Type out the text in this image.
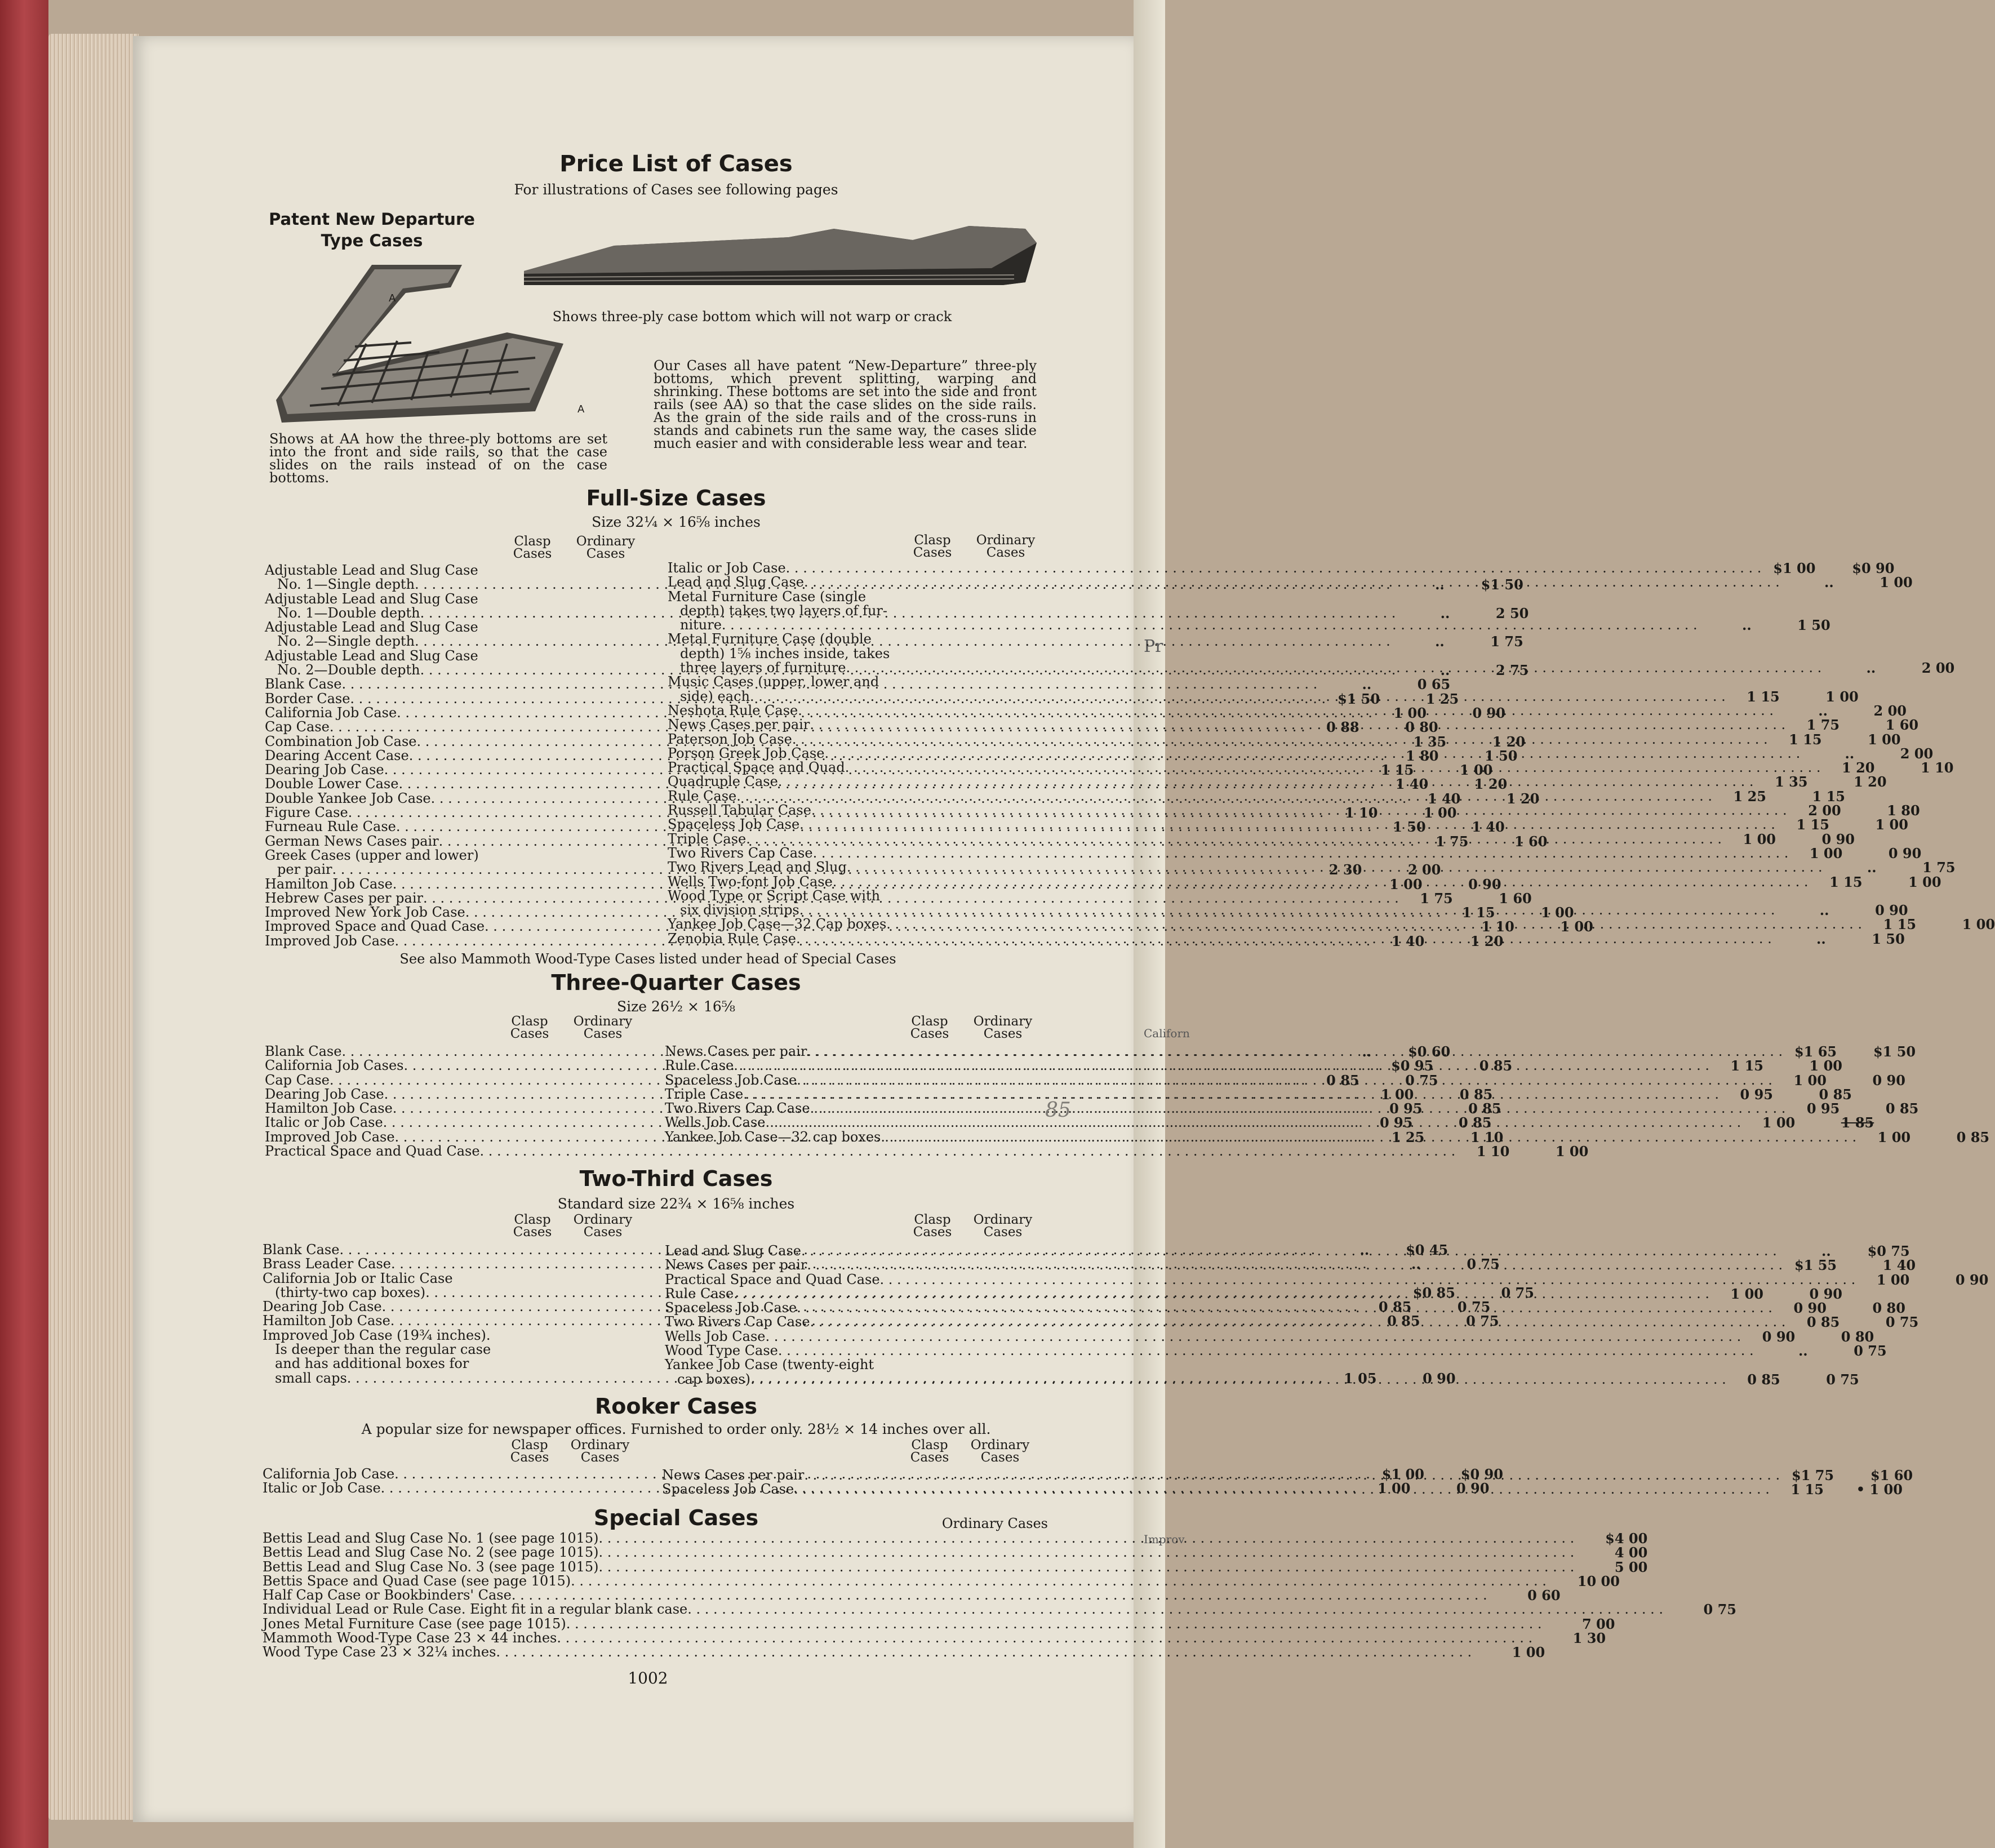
Pr
Californ
Improv
Price List of Cases
For illustrations of Cases see following pages
Patent New Departure Type Cases
Shows three-ply case bottom which will not warp or crack
A
A
Shows at AA how the three-ply bottoms are set into the front and side rails, so that the case slides on the rails instead of on the case bottoms.
Our Cases all have patent “New-Departure” three-ply bottoms, which prevent splitting, warping and shrinking. These bottoms are set into the side and front rails (see AA) so that the case slides on the side rails. As the grain of the side rails and of the cross-runs in stands and cabinets run the same way, the cases slide much easier and with considerable less wear and tear.
Full-Size Cases
Size 32¼ × 16⅝ inches
Clasp Cases
Ordinary Cases
Clasp Cases
Ordinary Cases
Adjustable Lead and Slug Case
No. 1—Single depth . . .	..	$1 50
Adjustable Lead and Slug Case
No. 1—Double depth . . .	..	2 50
Adjustable Lead and Slug Case
No. 2—Single depth . . .	..	1 75
Adjustable Lead and Slug Case
No. 2—Double depth . . .	..	2 75
Blank Case . . .	..	0 65
Border Case . . .	$1 50	1 25
California Job Case . . .	1 00	0 90
Cap Case . . .	0 88	0 80
Combination Job Case . . .	1 35	1 20
Dearing Accent Case . . .	1 80	1 50
Dearing Job Case . . .	1 15	1 00
Double Lower Case . . .	1 40	1 20
Double Yankee Job Case . . .	1 40	1 20
Figure Case . . .	1 10	1 00
Furneau Rule Case . . .	1 50	1 40
German News Cases pair . . .	1 75	1 60
Greek Cases (upper and lower)
per pair . . .	2 30	2 00
Hamilton Job Case . . .	1 00	0 90
Hebrew Cases per pair . . .	1 75	1 60
Improved New York Job Case . . .	1 15	1 00
Improved Space and Quad Case . . .	1 10	1 00
Improved Job Case . . .	1 40	1 20
Italic or Job Case . . .	$1 00	$0 90
Lead and Slug Case . . .	..	1 00
Metal Furniture Case (single
depth) takes two layers of fur-
niture . . .	..	1 50
Metal Furniture Case (double
depth) 1⅝ inches inside, takes
three layers of furniture . . .	..	2 00
Music Cases (upper, lower and
side) each . . .	1 15	1 00
Neshota Rule Case . . .	..	2 00
News Cases per pair . . .	1 75	1 60
Paterson Job Case . . .	1 15	1 00
Porson Greek Job Case . . .	..	2 00
Practical Space and Quad . . .	1 20	1 10
Quadruple Case . . .	1 35	1 20
Rule Case . . .	1 25	1 15
Russell Tabular Case . . .	2 00	1 80
Spaceless Job Case . . .	1 15	1 00
Triple Case . . .	1 00	0 90
Two Rivers Cap Case . . .	1 00	0 90
Two Rivers Lead and Slug . . .	..	1 75
Wells Two-font Job Case . . .	1 15	1 00
Wood Type or Script Case with
six division strips . . .	..	0 90
Yankee Job Case—32 Cap boxes . . .	1 15	1 00
Zenobia Rule Case . . .	..	1 50
See also Mammoth Wood-Type Cases listed under head of Special Cases
Three-Quarter Cases
Size 26½ × 16⅝
Clasp Cases
Ordinary Cases
Clasp Cases
Ordinary Cases
Blank Case . . .	..	$0 60
California Job Cases . . .	$0 95	0 85
Cap Case . . .	0 85	0 75
Dearing Job Case . . .	1 00	0 85
Hamilton Job Case . . .	0 95	0 85
Italic or Job Case . . .	0 95	0 85
Improved Job Case . . .	1 25	1 10
Practical Space and Quad Case . . .	1 10	1 00
News Cases per pair . . .	$1 65	$1 50
Rule Case . . .	1 15	1 00
Spaceless Job Case . . .	1 00	0 90
Triple Case . . .	0 95	0 85
Two Rivers Cap Case . . .	0 95	0 85
Wells Job Case . . .	1 00	1 85
Yankee Job Case—32 cap boxes . . .	1 00	0 85
85
Two-Third Cases
Standard size 22¾ × 16⅝ inches
Clasp Cases
Ordinary Cases
Clasp Cases
Ordinary Cases
Blank Case . . .	..	$0 45
Brass Leader Case . . .	..	0 75
California Job or Italic Case
(thirty-two cap boxes) . . .	$0 85	0 75
Dearing Job Case . . .	0 85	0 75
Hamilton Job Case . . .	0 85	0 75
Improved Job Case (19¾ inches).
Is deeper than the regular case
and has additional boxes for
small caps . . .	1 05	0 90
Lead and Slug Case . . .	..	$0 75
News Cases per pair . . .	$1 55	1 40
Practical Space and Quad Case . . .	1 00	0 90
Rule Case . . .	1 00	0 90
Spaceless Job Case . . .	0 90	0 80
Two Rivers Cap Case . . .	0 85	0 75
Wells Job Case . . .	0 90	0 80
Wood Type Case . . .	..	0 75
Yankee Job Case (twenty-eight
cap boxes) . . .	0 85	0 75
Rooker Cases
A popular size for newspaper offices. Furnished to order only. 28½ × 14 inches over all.
Clasp Cases
Ordinary Cases
Clasp Cases
Ordinary Cases
California Job Case . . .	$1 00	$0 90
Italic or Job Case . . .	1 00	0 90
News Cases per pair . . .	$1 75	$1 60
Spaceless Job Case . . .	1 15	• 1 00
Special Cases	Ordinary Cases
Bettis Lead and Slug Case No. 1 (see page 1015) . . .	$4 00
Bettis Lead and Slug Case No. 2 (see page 1015) . . .	4 00
Bettis Lead and Slug Case No. 3 (see page 1015) . . .	5 00
Bettis Space and Quad Case (see page 1015) . . .	10 00
Half Cap Case or Bookbinders' Case . . .	0 60
Individual Lead or Rule Case. Eight fit in a regular blank case . . .	0 75
Jones Metal Furniture Case (see page 1015) . . .	7 00
Mammoth Wood-Type Case 23 × 44 inches . . .	1 30
Wood Type Case 23 × 32¼ inches . . .	1 00
1002
